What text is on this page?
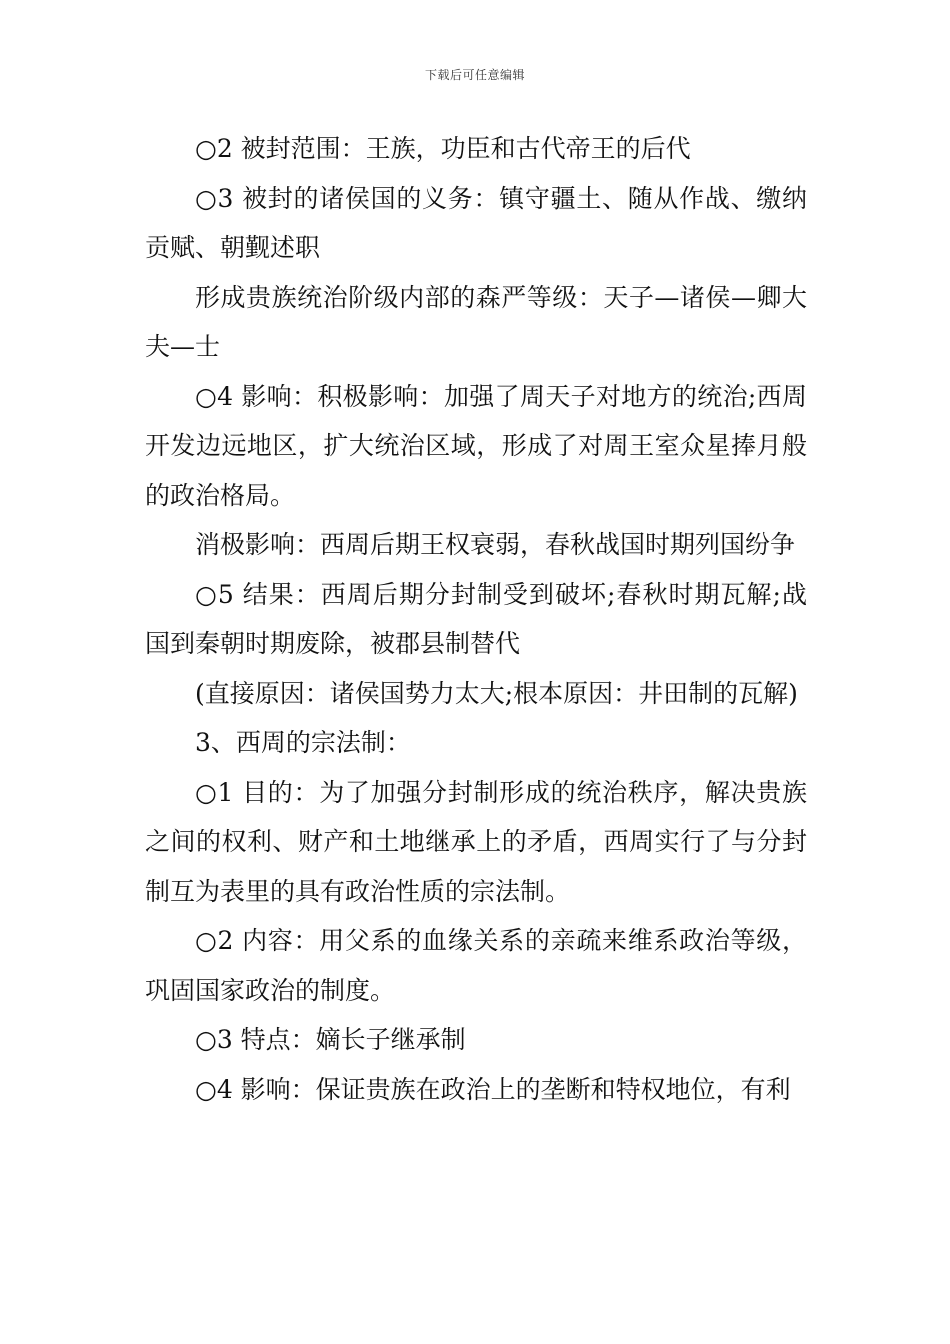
下载后可任意编辑

○2 被封范围：王族，功臣和古代帝王的后代

○3 被封的诸侯国的义务：镇守疆土、随从作战、缴纳贡赋、朝觐述职

形成贵族统治阶级内部的森严等级：天子—诸侯—卿大夫—士

○4 影响：积极影响：加强了周天子对地方的统治;西周开发边远地区，扩大统治区域，形成了对周王室众星捧月般的政治格局。

消极影响：西周后期王权衰弱，春秋战国时期列国纷争

○5 结果：西周后期分封制受到破坏;春秋时期瓦解;战国到秦朝时期废除，被郡县制替代

(直接原因：诸侯国势力太大;根本原因：井田制的瓦解)

3、西周的宗法制：

○1 目的：为了加强分封制形成的统治秩序，解决贵族之间的权利、财产和土地继承上的矛盾，西周实行了与分封制互为表里的具有政治性质的宗法制。

○2 内容：用父系的血缘关系的亲疏来维系政治等级，巩固国家政治的制度。

○3 特点：嫡长子继承制

○4 影响：保证贵族在政治上的垄断和特权地位，有利
